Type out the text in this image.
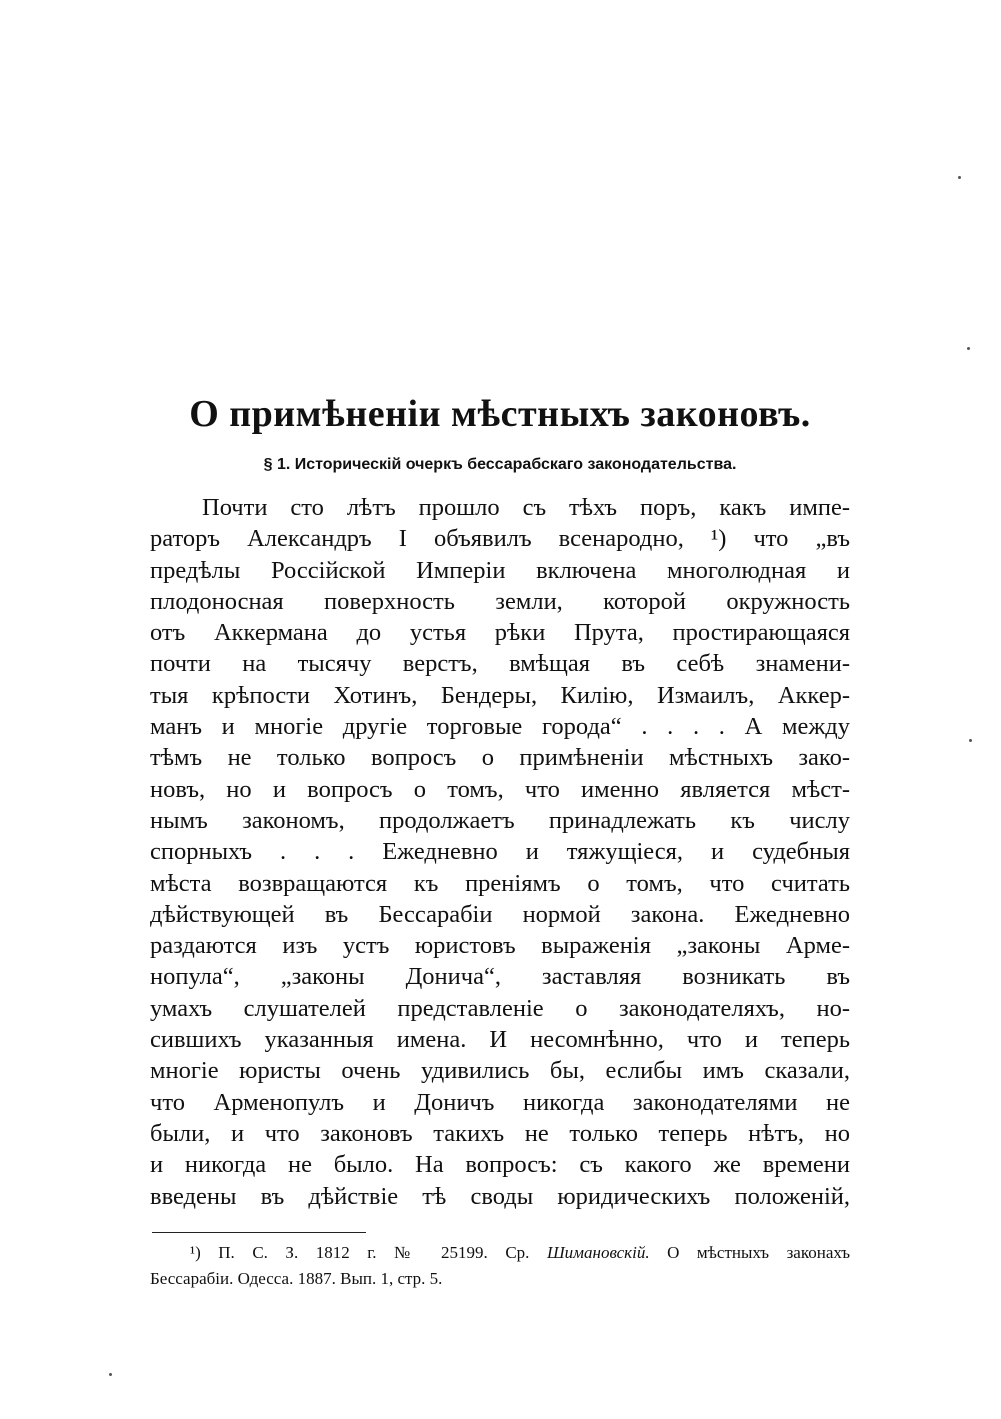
О примѣненіи мѣстныхъ законовъ.
§ 1. Историческій очеркъ бессарабскаго законодательства.
Почти сто лѣтъ прошло съ тѣхъ поръ, какъ импе-
раторъ Александръ I объявилъ всенародно, ¹) что „въ
предѣлы Россійской Имперіи включена многолюдная и
плодоносная поверхность земли, которой окружность
отъ Аккермана до устья рѣки Прута, простирающаяся
почти на тысячу верстъ, вмѣщая въ себѣ знамени-
тыя крѣпости Хотинъ, Бендеры, Килію, Измаилъ, Аккер-
манъ и многіе другіе торговые города“ . . . . А между
тѣмъ не только вопросъ о примѣненіи мѣстныхъ зако-
новъ, но и вопросъ о томъ, что именно является мѣст-
нымъ закономъ, продолжаетъ принадлежать къ числу
спорныхъ . . . Ежедневно и тяжущіеся, и судебныя
мѣста возвращаются къ преніямъ о томъ, что считать
дѣйствующей въ Бессарабіи нормой закона. Ежедневно
раздаются изъ устъ юристовъ выраженія „законы Арме-
нопула“, „законы Донича“, заставляя возникать въ
умахъ слушателей представленіе о законодателяхъ, но-
сившихъ указанныя имена. И несомнѣнно, что и теперь
многіе юристы очень удивились бы, еслибы имъ сказали,
что Арменопулъ и Доничъ никогда законодателями не
были, и что законовъ такихъ не только теперь нѣтъ, но
и никогда не было. На вопросъ: съ какого же времени
введены въ дѣйствіе тѣ своды юридическихъ положеній,
¹) П. С. З. 1812 г. № 25199. Ср. Шимановскій. О мѣстныхъ законахъ
Бессарабіи. Одесса. 1887. Вып. 1, стр. 5.
